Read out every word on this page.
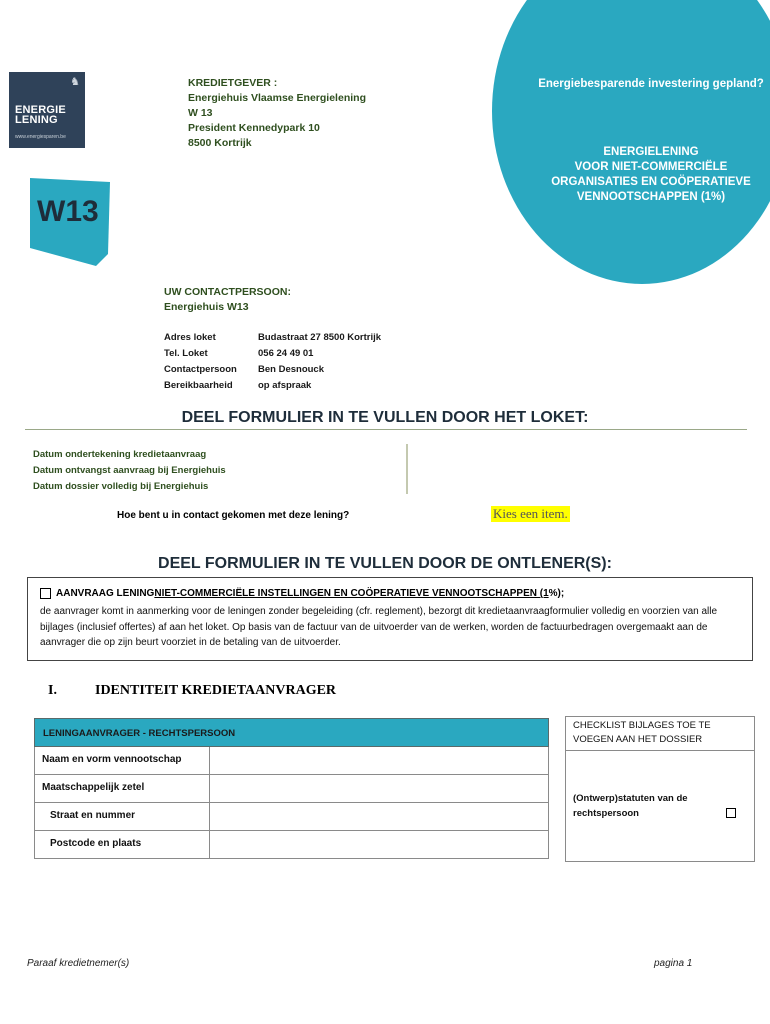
Energiebesparende investering gepland?
ENERGIELENING
VOOR NIET-COMMERCIËLE
ORGANISATIES EN COÖPERATIEVE
VENNOOTSCHAPPEN (1%)
♞
ENERGIE
LENING
www.energiesparen.be
W13
KREDIETGEVER :
Energiehuis Vlaamse Energielening
W 13
President Kennedypark 10
8500 Kortrijk
UW CONTACTPERSOON:
Energiehuis W13
Adres loket	Budastraat 27 8500 Kortrijk
Tel. Loket	056 24 49 01
Contactpersoon	Ben Desnouck
Bereikbaarheid	op afspraak
DEEL FORMULIER IN TE VULLEN DOOR HET LOKET:
Datum ondertekening kredietaanvraag
Datum ontvangst aanvraag bij Energiehuis
Datum dossier volledig bij Energiehuis
Hoe bent u in contact gekomen met deze lening?	Kies een item.
DEEL FORMULIER IN TE VULLEN DOOR DE ONTLENER(S):
AANVRAAG LENING NIET-COMMERCIËLE INSTELLINGEN EN COÖPERATIEVE VENNOOTSCHAPPEN (1 %);
de aanvrager komt in aanmerking voor de leningen zonder begeleiding (cfr. reglement), bezorgt dit kredietaanvraagformulier volledig en voorzien van alle bijlages (inclusief offertes) af aan het loket. Op basis van de factuur van de uitvoerder van de werken, worden de factuurbedragen overgemaakt aan de aanvrager die op zijn beurt voorziet in de betaling van de uitvoerder.
I.	IDENTITEIT KREDIETAANVRAGER
LENINGAANVRAGER - RECHTSPERSOON
Naam en vorm vennootschap
Maatschappelijk zetel
Straat en nummer
Postcode en plaats
CHECKLIST BIJLAGES TOE TE VOEGEN AAN HET DOSSIER
(Ontwerp)statuten van de rechtspersoon
Paraaf kredietnemer(s)	pagina 1
